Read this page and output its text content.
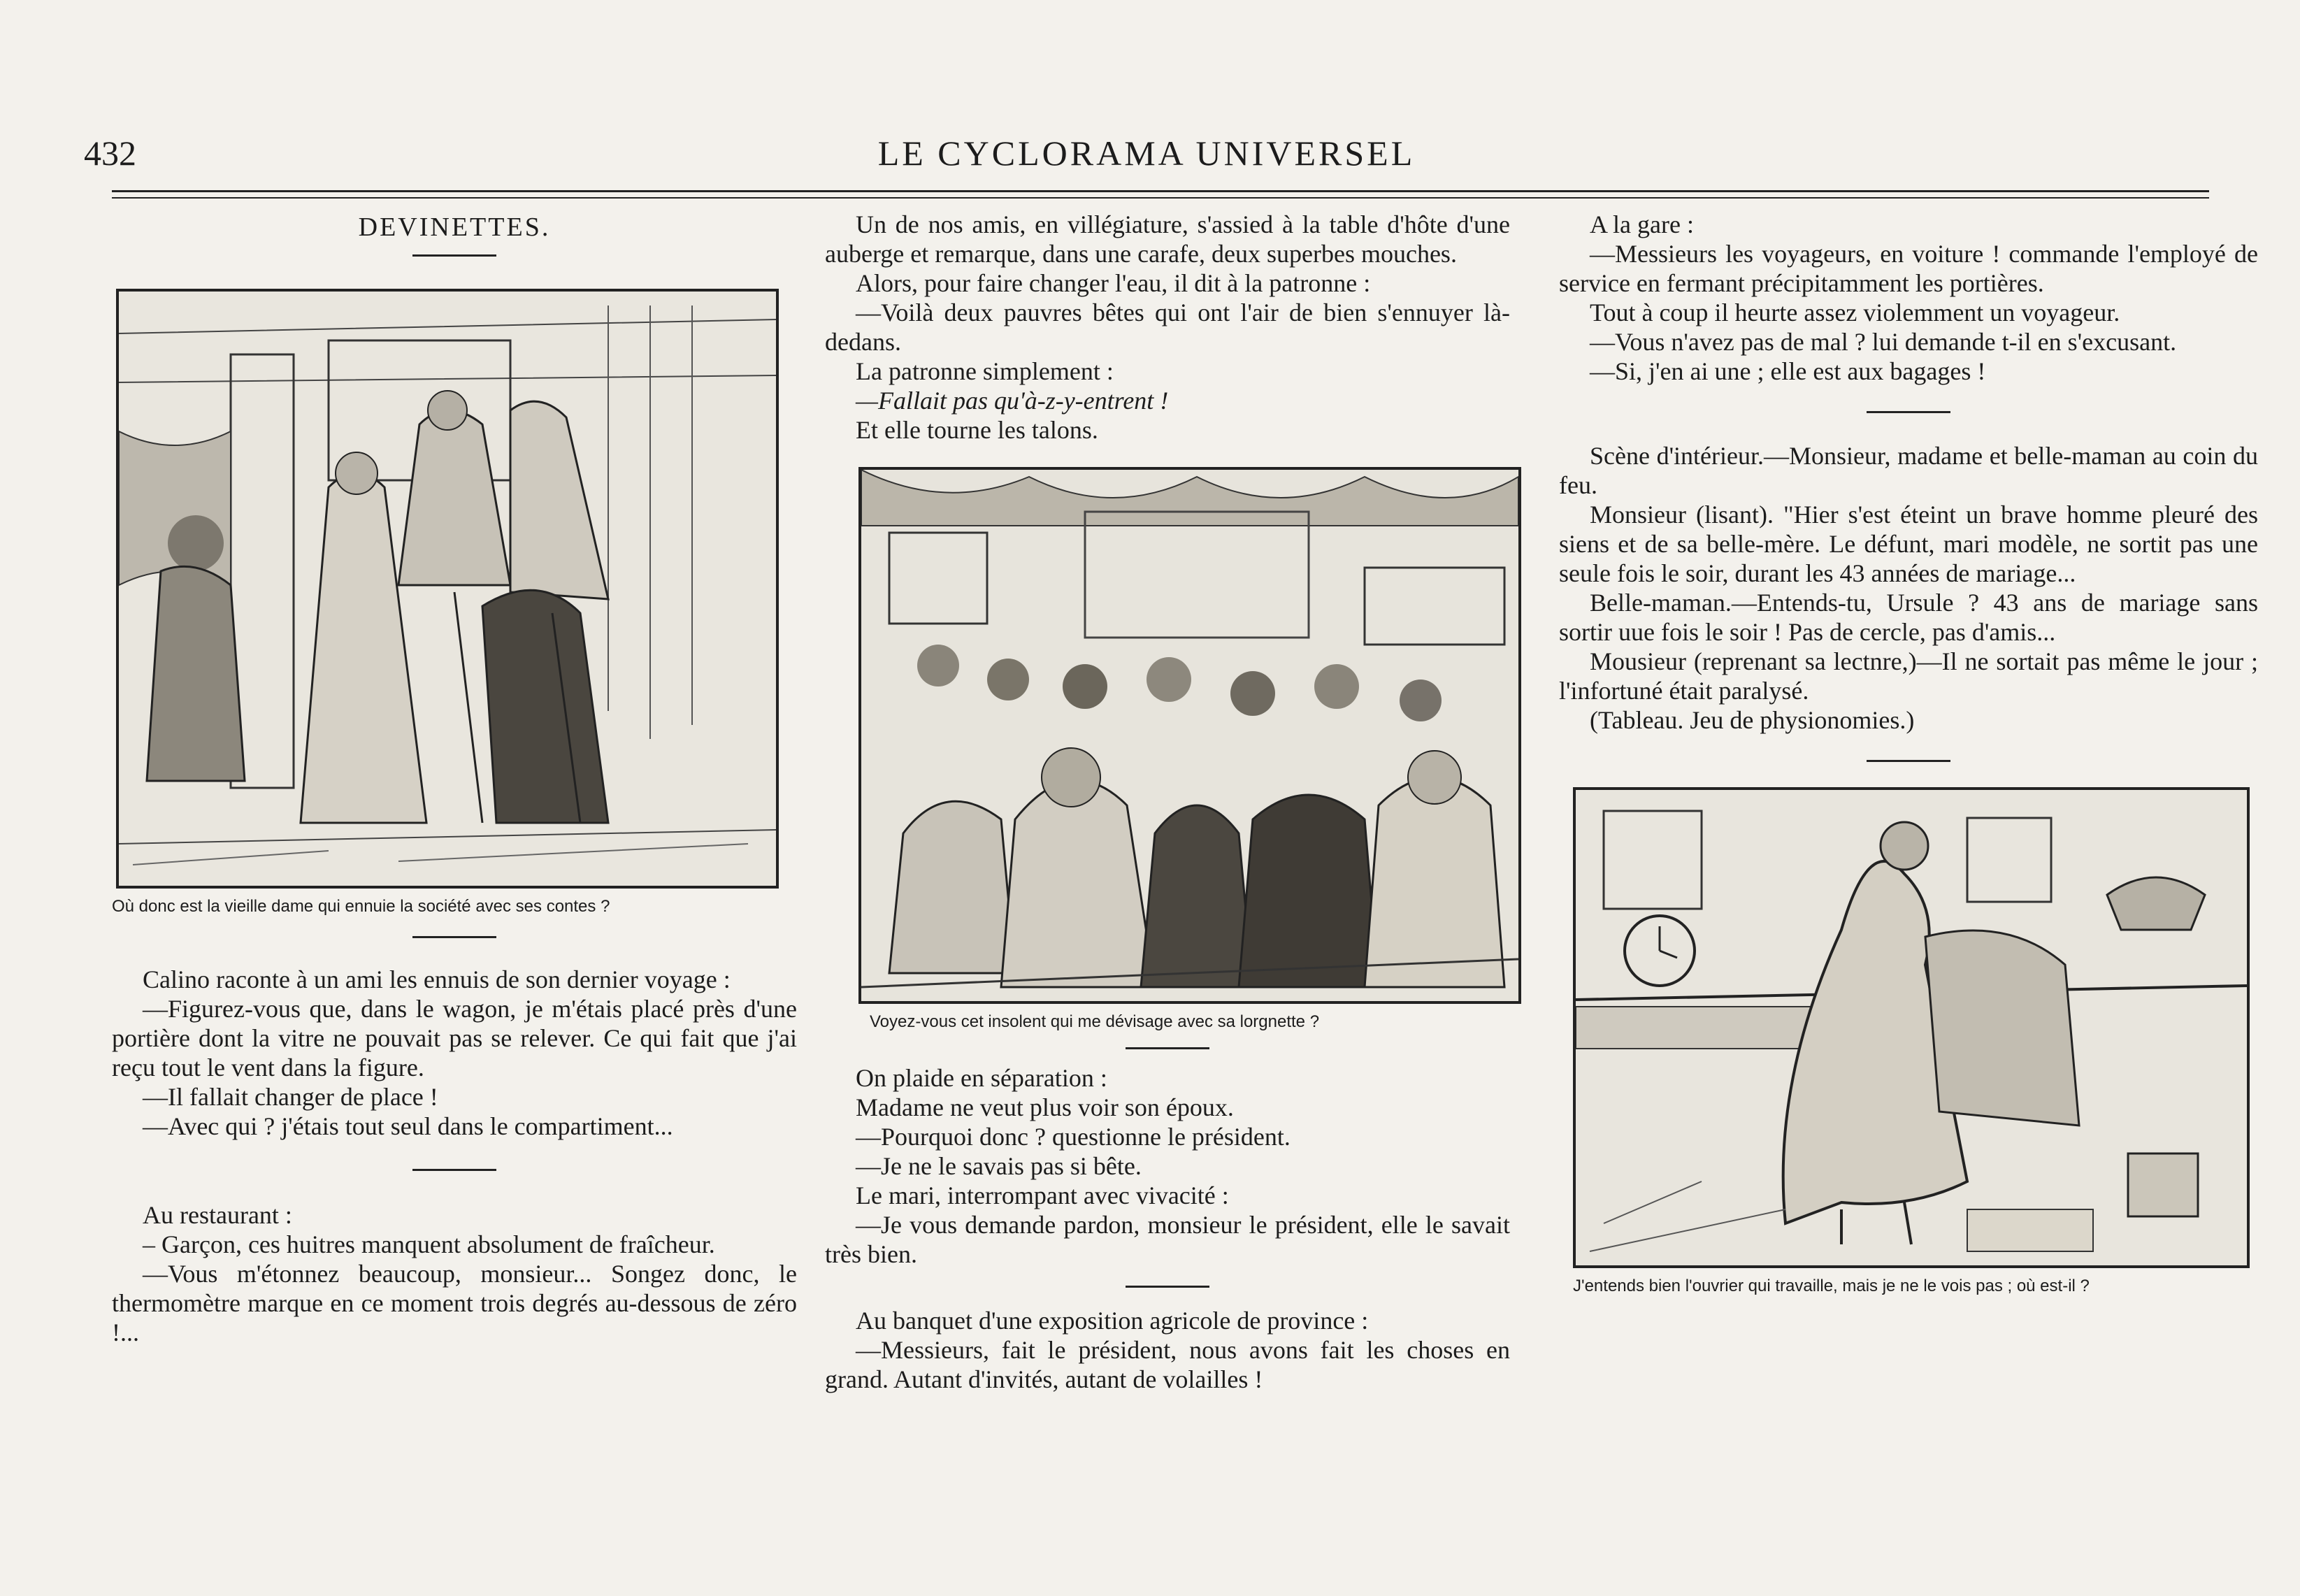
432	LE CYCLORAMA UNIVERSEL
DEVINETTES.

Où donc est la vieille dame qui ennuie la société avec ses contes ?

Calino raconte à un ami les ennuis de son dernier voyage :

—Figurez-vous que, dans le wagon, je m'étais placé près d'une portière dont la vitre ne pouvait pas se relever. Ce qui fait que j'ai reçu tout le vent dans la figure.

—Il fallait changer de place !

—Avec qui ? j'étais tout seul dans le compartiment...

Au restaurant :

– Garçon, ces huitres manquent absolument de fraîcheur.

—Vous m'étonnez beaucoup, monsieur... Songez donc, le thermomètre marque en ce moment trois degrés au-dessous de zéro !...

Un de nos amis, en villégiature, s'assied à la table d'hôte d'une auberge et remarque, dans une carafe, deux superbes mouches.

Alors, pour faire changer l'eau, il dit à la patronne :

—Voilà deux pauvres bêtes qui ont l'air de bien s'ennuyer là-dedans.

La patronne simplement :

—Fallait pas qu'à-z-y-entrent !

Et elle tourne les talons.

Voyez-vous cet insolent qui me dévisage avec sa lorgnette ?

On plaide en séparation :

Madame ne veut plus voir son époux.

—Pourquoi donc ? questionne le président.

—Je ne le savais pas si bête.

Le mari, interrompant avec vivacité :

—Je vous demande pardon, monsieur le président, elle le savait très bien.

Au banquet d'une exposition agricole de province :

—Messieurs, fait le président, nous avons fait les choses en grand. Autant d'invités, autant de volailles !

A la gare :

—Messieurs les voyageurs, en voiture ! commande l'employé de service en fermant précipitamment les portières.

Tout à coup il heurte assez violemment un voyageur.

—Vous n'avez pas de mal ? lui demande t-il en s'excusant.

—Si, j'en ai une ; elle est aux bagages !

Scène d'intérieur.—Monsieur, madame et belle-maman au coin du feu.

Monsieur (lisant). "Hier s'est éteint un brave homme pleuré des siens et de sa belle-mère. Le défunt, mari modèle, ne sortit pas une seule fois le soir, durant les 43 années de mariage...

Belle-maman.—Entends-tu, Ursule ? 43 ans de mariage sans sortir uue fois le soir ! Pas de cercle, pas d'amis...

Mousieur (reprenant sa lectnre,)—Il ne sortait pas même le jour ; l'infortuné était paralysé.

(Tableau. Jeu de physionomies.)

J'entends bien l'ouvrier qui travaille, mais je ne le vois pas ; où est-il ?
